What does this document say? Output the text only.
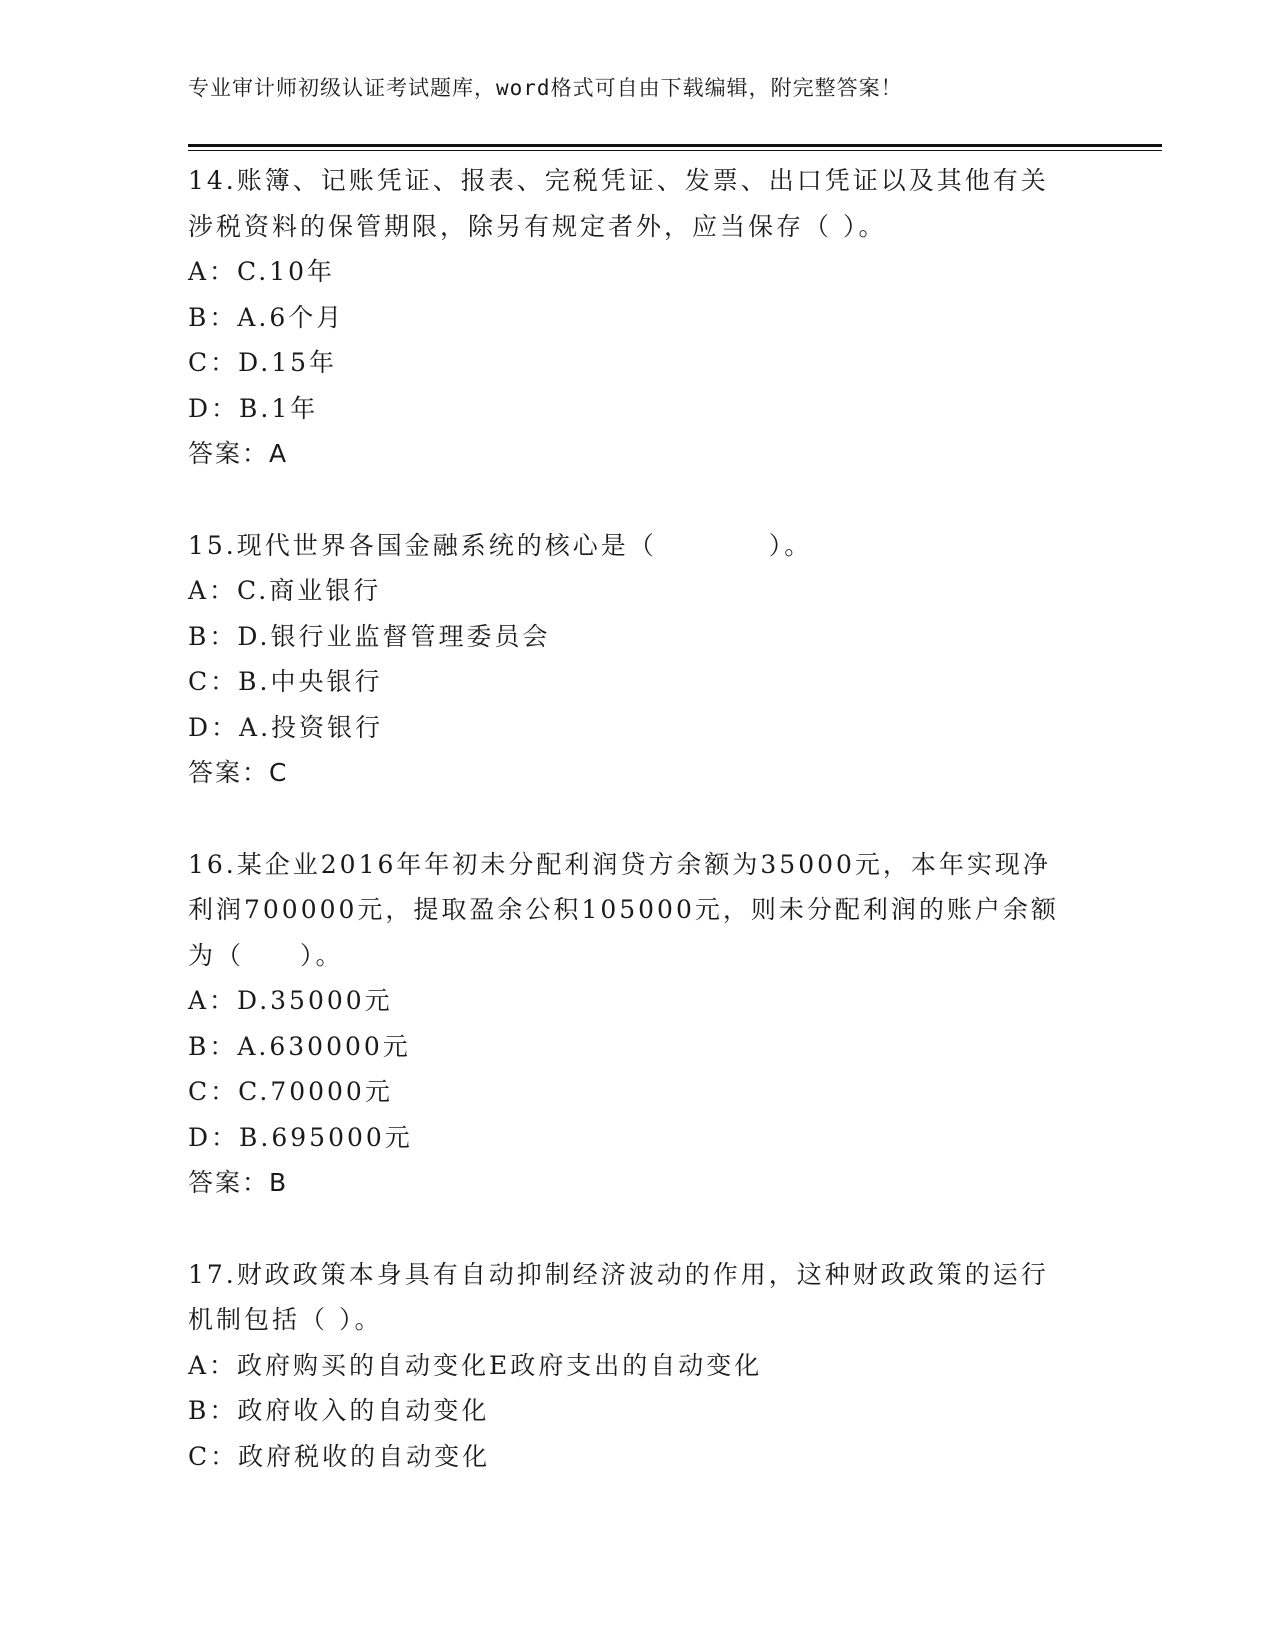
专业审计师初级认证考试题库，word格式可自由下载编辑，附完整答案！
14.账簿、记账凭证、报表、完税凭证、发票、出口凭证以及其他有关
涉税资料的保管期限，除另有规定者外，应当保存（ ）。
A：C.10年
B：A.6个月
C：D.15年
D：B.1年
答案：A
15.现代世界各国金融系统的核心是（　　　　）。
A：C.商业银行
B：D.银行业监督管理委员会
C：B.中央银行
D：A.投资银行
答案：C
16.某企业2016年年初未分配利润贷方余额为35000元，本年实现净
利润700000元，提取盈余公积105000元，则未分配利润的账户余额
为（　　）。
A：D.35000元
B：A.630000元
C：C.70000元
D：B.695000元
答案：B
17.财政政策本身具有自动抑制经济波动的作用，这种财政政策的运行
机制包括（ ）。
A：政府购买的自动变化E政府支出的自动变化
B：政府收入的自动变化
C：政府税收的自动变化
